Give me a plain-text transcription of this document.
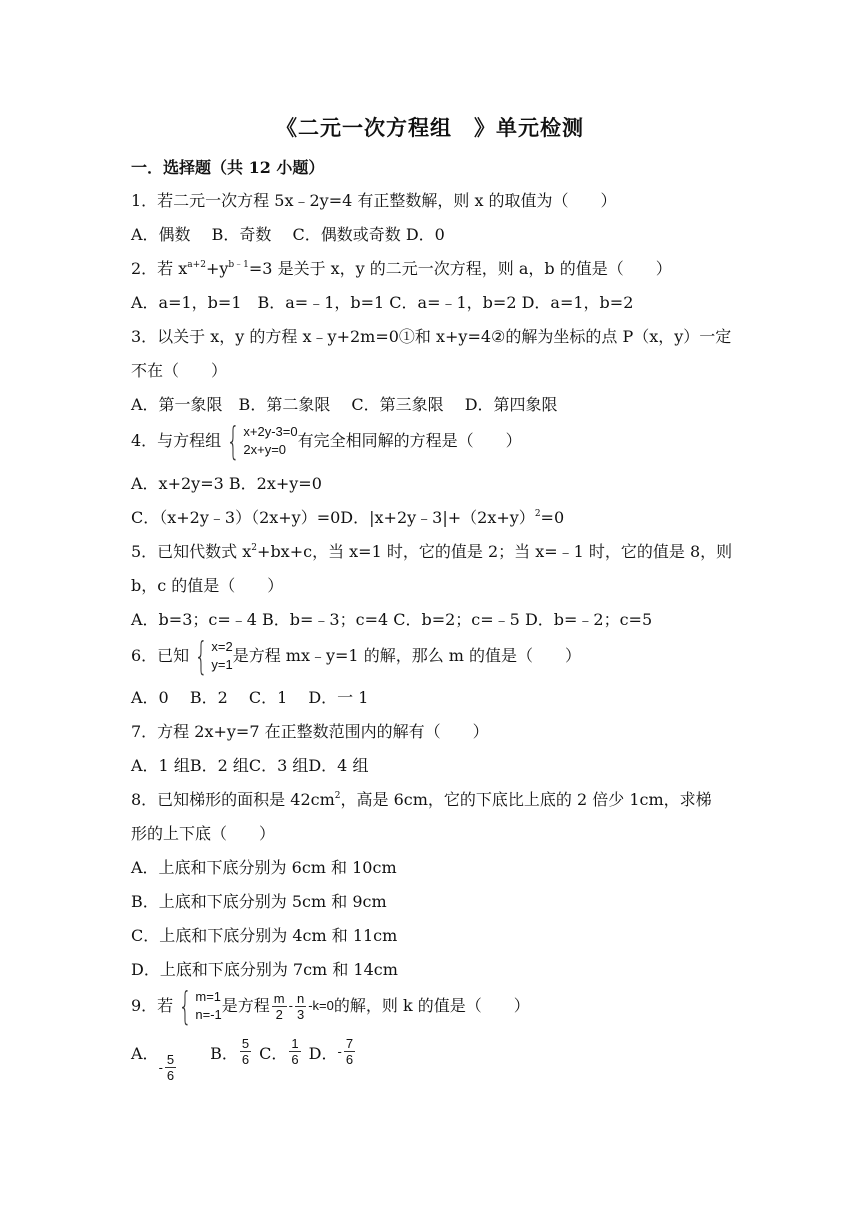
《二元一次方程组　》单元检测
一．选择题（共 12 小题）
1．若二元一次方程 5x﹣2y=4 有正整数解，则 x 的取值为（　　）
A．偶数　 B．奇数　 C．偶数或奇数 D．0
2．若 $x^{a+2}+y^{b﹣1}=3$ 是关于 x，y 的二元一次方程，则 a，b 的值是（　　）
A．a=1，b=1　B．a=﹣1，b=1 C．a=﹣1，b=2 D．a=1，b=2
3．以关于 x，y 的方程 x﹣y+2m=0①和 x+y=4②的解为坐标的点 P（x，y）一定
不在（　　）
A．第一象限　B．第二象限　 C．第三象限　 D．第四象限
4．与方程组 { x+2y-3=0
2x+y=0 有完全相同解的方程是（　　）
A．x+2y=3 B．2x+y=0
C．（x+2y﹣3）（2x+y）=0D．$|x+2y﹣3|+(2x+y)^2=0$
5．已知代数式 $x^2+bx+c$，当 x=1 时，它的值是 2；当 x=﹣1 时，它的值是 8，则
b，c 的值是（　　）
A．b=3；c=﹣4 B．b=﹣3；c=4 C．b=2；c=﹣5 D．b=﹣2；c=5
6．已知 { x=2
y=1 是方程 mx﹣y=1 的解，那么 m 的值是（　　）
A．0　 B．2　 C．1　 D．一 1
7．方程 2x+y=7 在正整数范围内的解有（　　）
A．1 组B．2 组C．3 组D．4 组
8．已知梯形的面积是 $42cm^2$，高是 6cm，它的下底比上底的 2 倍少 1cm，求梯
形的上下底（　　）
A．上底和下底分别为 6cm 和 10cm
B．上底和下底分别为 5cm 和 9cm
C．上底和下底分别为 4cm 和 11cm
D．上底和下底分别为 7cm 和 14cm
9．若 { m=1
n=-1 是方程 $\frac{m}{2} - \frac{n}{3} -k=0$ 的解，则 k 的值是（　　）
A．
- $\frac{5}{6}$ B． $\frac{5}{6}$ C． $\frac{1}{6}$ D． - $\frac{7}{6}$
